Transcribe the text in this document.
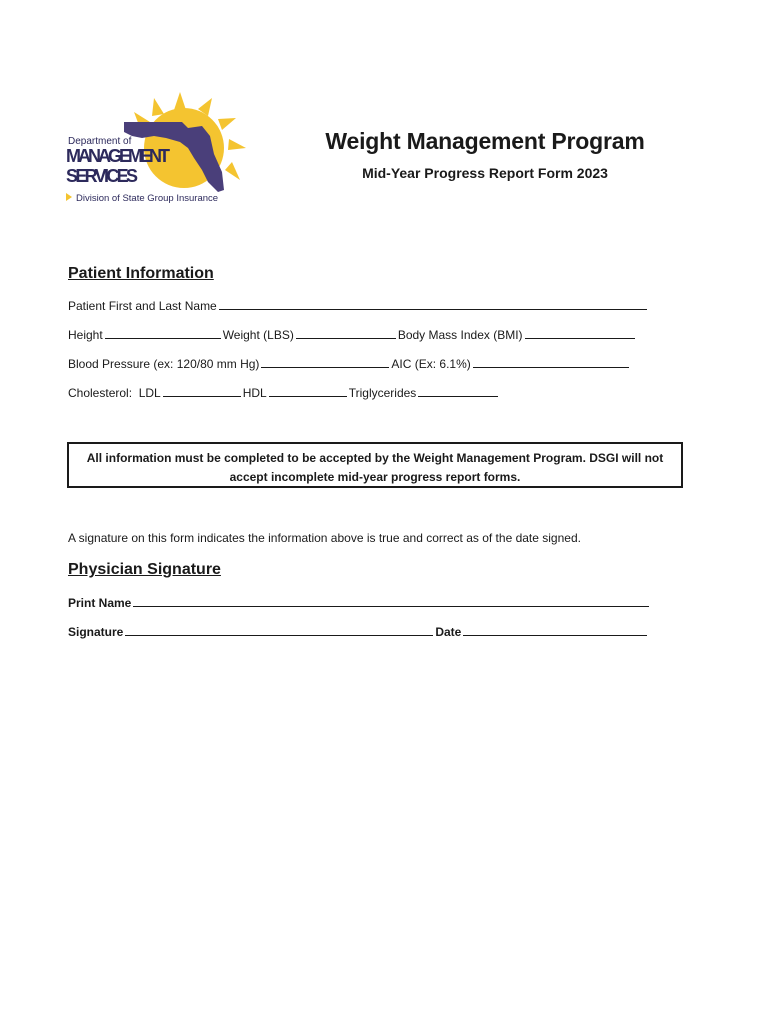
Department of
MANAGEMENT
SERVICES
Division of State Group Insurance
Weight Management Program
Mid-Year Progress Report Form 2023
Patient Information
Patient First and Last Name
Height	Weight (LBS)	Body Mass Index (BMI)
Blood Pressure (ex: 120/80 mm Hg)	AIC (Ex: 6.1%)
Cholesterol:
LDL	HDL	Triglycerides
All information must be completed to be accepted by the Weight Management Program. DSGI will not accept incomplete mid-year progress report forms.
A signature on this form indicates the information above is true and correct as of the date signed.
Physician Signature
Print Name
Signature	Date
